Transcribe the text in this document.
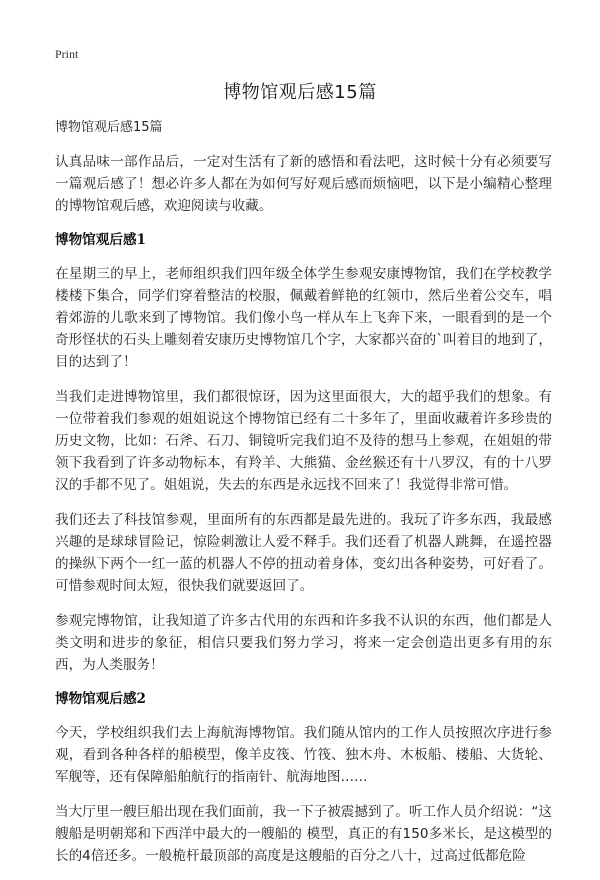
Print
博物馆观后感15篇

博物馆观后感15篇

认真品味一部作品后，一定对生活有了新的感悟和看法吧，这时候十分有必须要写一篇观后感了！想必许多人都在为如何写好观后感而烦恼吧，以下是小编精心整理的博物馆观后感，欢迎阅读与收藏。

博物馆观后感1

在星期三的早上，老师组织我们四年级全体学生参观安康博物馆，我们在学校教学楼楼下集合，同学们穿着整洁的校服，佩戴着鲜艳的红领巾，然后坐着公交车，唱着郊游的儿歌来到了博物馆。我们像小鸟一样从车上飞奔下来，一眼看到的是一个奇形怪状的石头上雕刻着安康历史博物馆几个字，大家都兴奋的`叫着目的地到了，目的达到了！

当我们走进博物馆里，我们都很惊讶，因为这里面很大，大的超乎我们的想象。有一位带着我们参观的姐姐说这个博物馆已经有二十多年了，里面收藏着许多珍贵的历史文物，比如：石斧、石刀、铜镜听完我们迫不及待的想马上参观，在姐姐的带领下我看到了许多动物标本，有羚羊、大熊猫、金丝猴还有十八罗汉，有的十八罗汉的手都不见了。姐姐说，失去的东西是永远找不回来了！我觉得非常可惜。

我们还去了科技馆参观，里面所有的东西都是最先进的。我玩了许多东西，我最感兴趣的是球球冒险记，惊险刺激让人爱不释手。我们还看了机器人跳舞，在遥控器的操纵下两个一红一蓝的机器人不停的扭动着身体，变幻出各种姿势，可好看了。可惜参观时间太短，很快我们就要返回了。

参观完博物馆，让我知道了许多古代用的东西和许多我不认识的东西，他们都是人类文明和进步的象征，相信只要我们努力学习，将来一定会创造出更多有用的东西，为人类服务！

博物馆观后感2

今天，学校组织我们去上海航海博物馆。我们随从馆内的工作人员按照次序进行参观，看到各种各样的船模型，像羊皮筏、竹筏、独木舟、木板船、楼船、大货轮、军舰等，还有保障船舶航行的指南针、航海地图……

当大厅里一艘巨船出现在我们面前，我一下子被震撼到了。听工作人员介绍说：“这艘船是明朝郑和下西洋中最大的一艘船的 模型，真正的有150多米长，是这模型的长的4倍还多。一般桅杆最顶部的高度是这艘船的百分之八十，过高过低都危险
